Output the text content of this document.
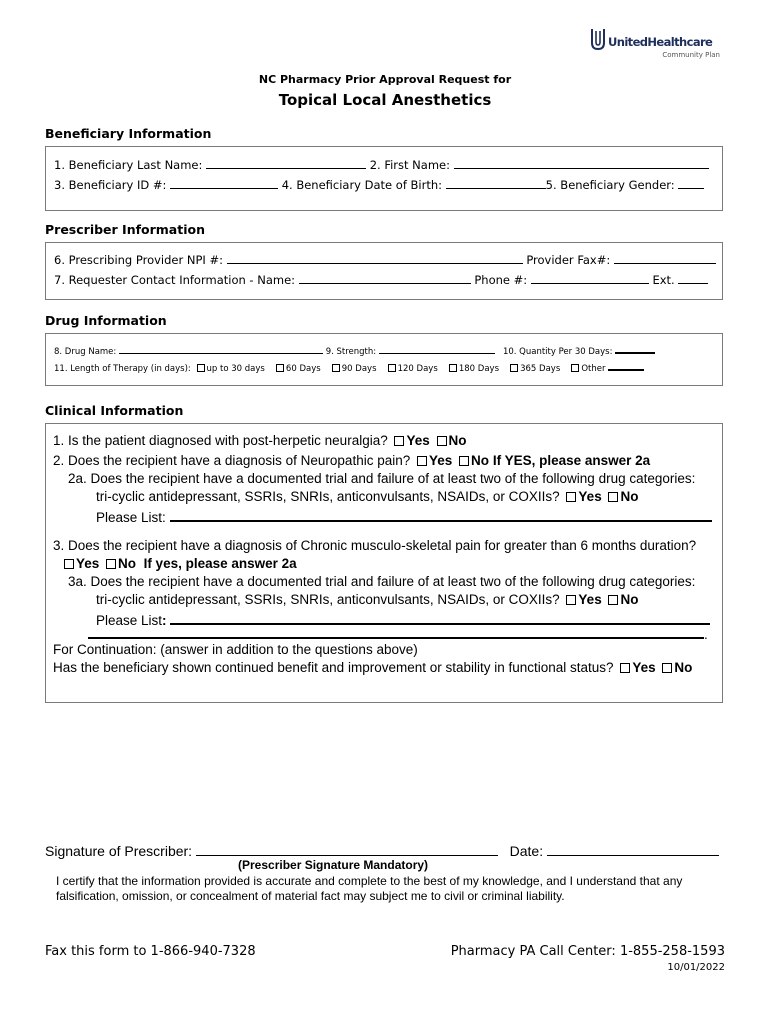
UnitedHealthcare
Community Plan
NC Pharmacy Prior Approval Request for
Topical Local Anesthetics
Beneficiary Information
1. Beneficiary Last Name:	2. First Name:
3. Beneficiary ID #:	4. Beneficiary Date of Birth:	5. Beneficiary Gender:
Prescriber Information
6. Prescribing Provider NPI #:	Provider Fax#:
7. Requester Contact Information - Name:	Phone #:	Ext.
Drug Information
8. Drug Name:	9. Strength:	10. Quantity Per 30 Days:
11. Length of Therapy (in days): up to 30 days 60 Days 90 Days 120 Days 180 Days 365 Days Other
Clinical Information
1. Is the patient diagnosed with post-herpetic neuralgia? Yes No
2. Does the recipient have a diagnosis of Neuropathic pain? Yes No If YES, please answer 2a
2a. Does the recipient have a documented trial and failure of at least two of the following drug categories:
tri-cyclic antidepressant, SSRIs, SNRIs, anticonvulsants, NSAIDs, or COXIIs? Yes No
Please List:
3. Does the recipient have a diagnosis of Chronic musculo-skeletal pain for greater than 6 months duration?
Yes No If yes, please answer 2a
3a. Does the recipient have a documented trial and failure of at least two of the following drug categories:
tri-cyclic antidepressant, SSRIs, SNRIs, anticonvulsants, NSAIDs, or COXIIs? Yes No
Please List:
.
For Continuation: (answer in addition to the questions above)
Has the beneficiary shown continued benefit and improvement or stability in functional status? Yes No
Signature of Prescriber:	Date:
(Prescriber Signature Mandatory)
I certify that the information provided is accurate and complete to the best of my knowledge, and I understand that any
falsification, omission, or concealment of material fact may subject me to civil or criminal liability.
Fax this form to 1-866-940-7328	Pharmacy PA Call Center: 1-855-258-1593
10/01/2022
